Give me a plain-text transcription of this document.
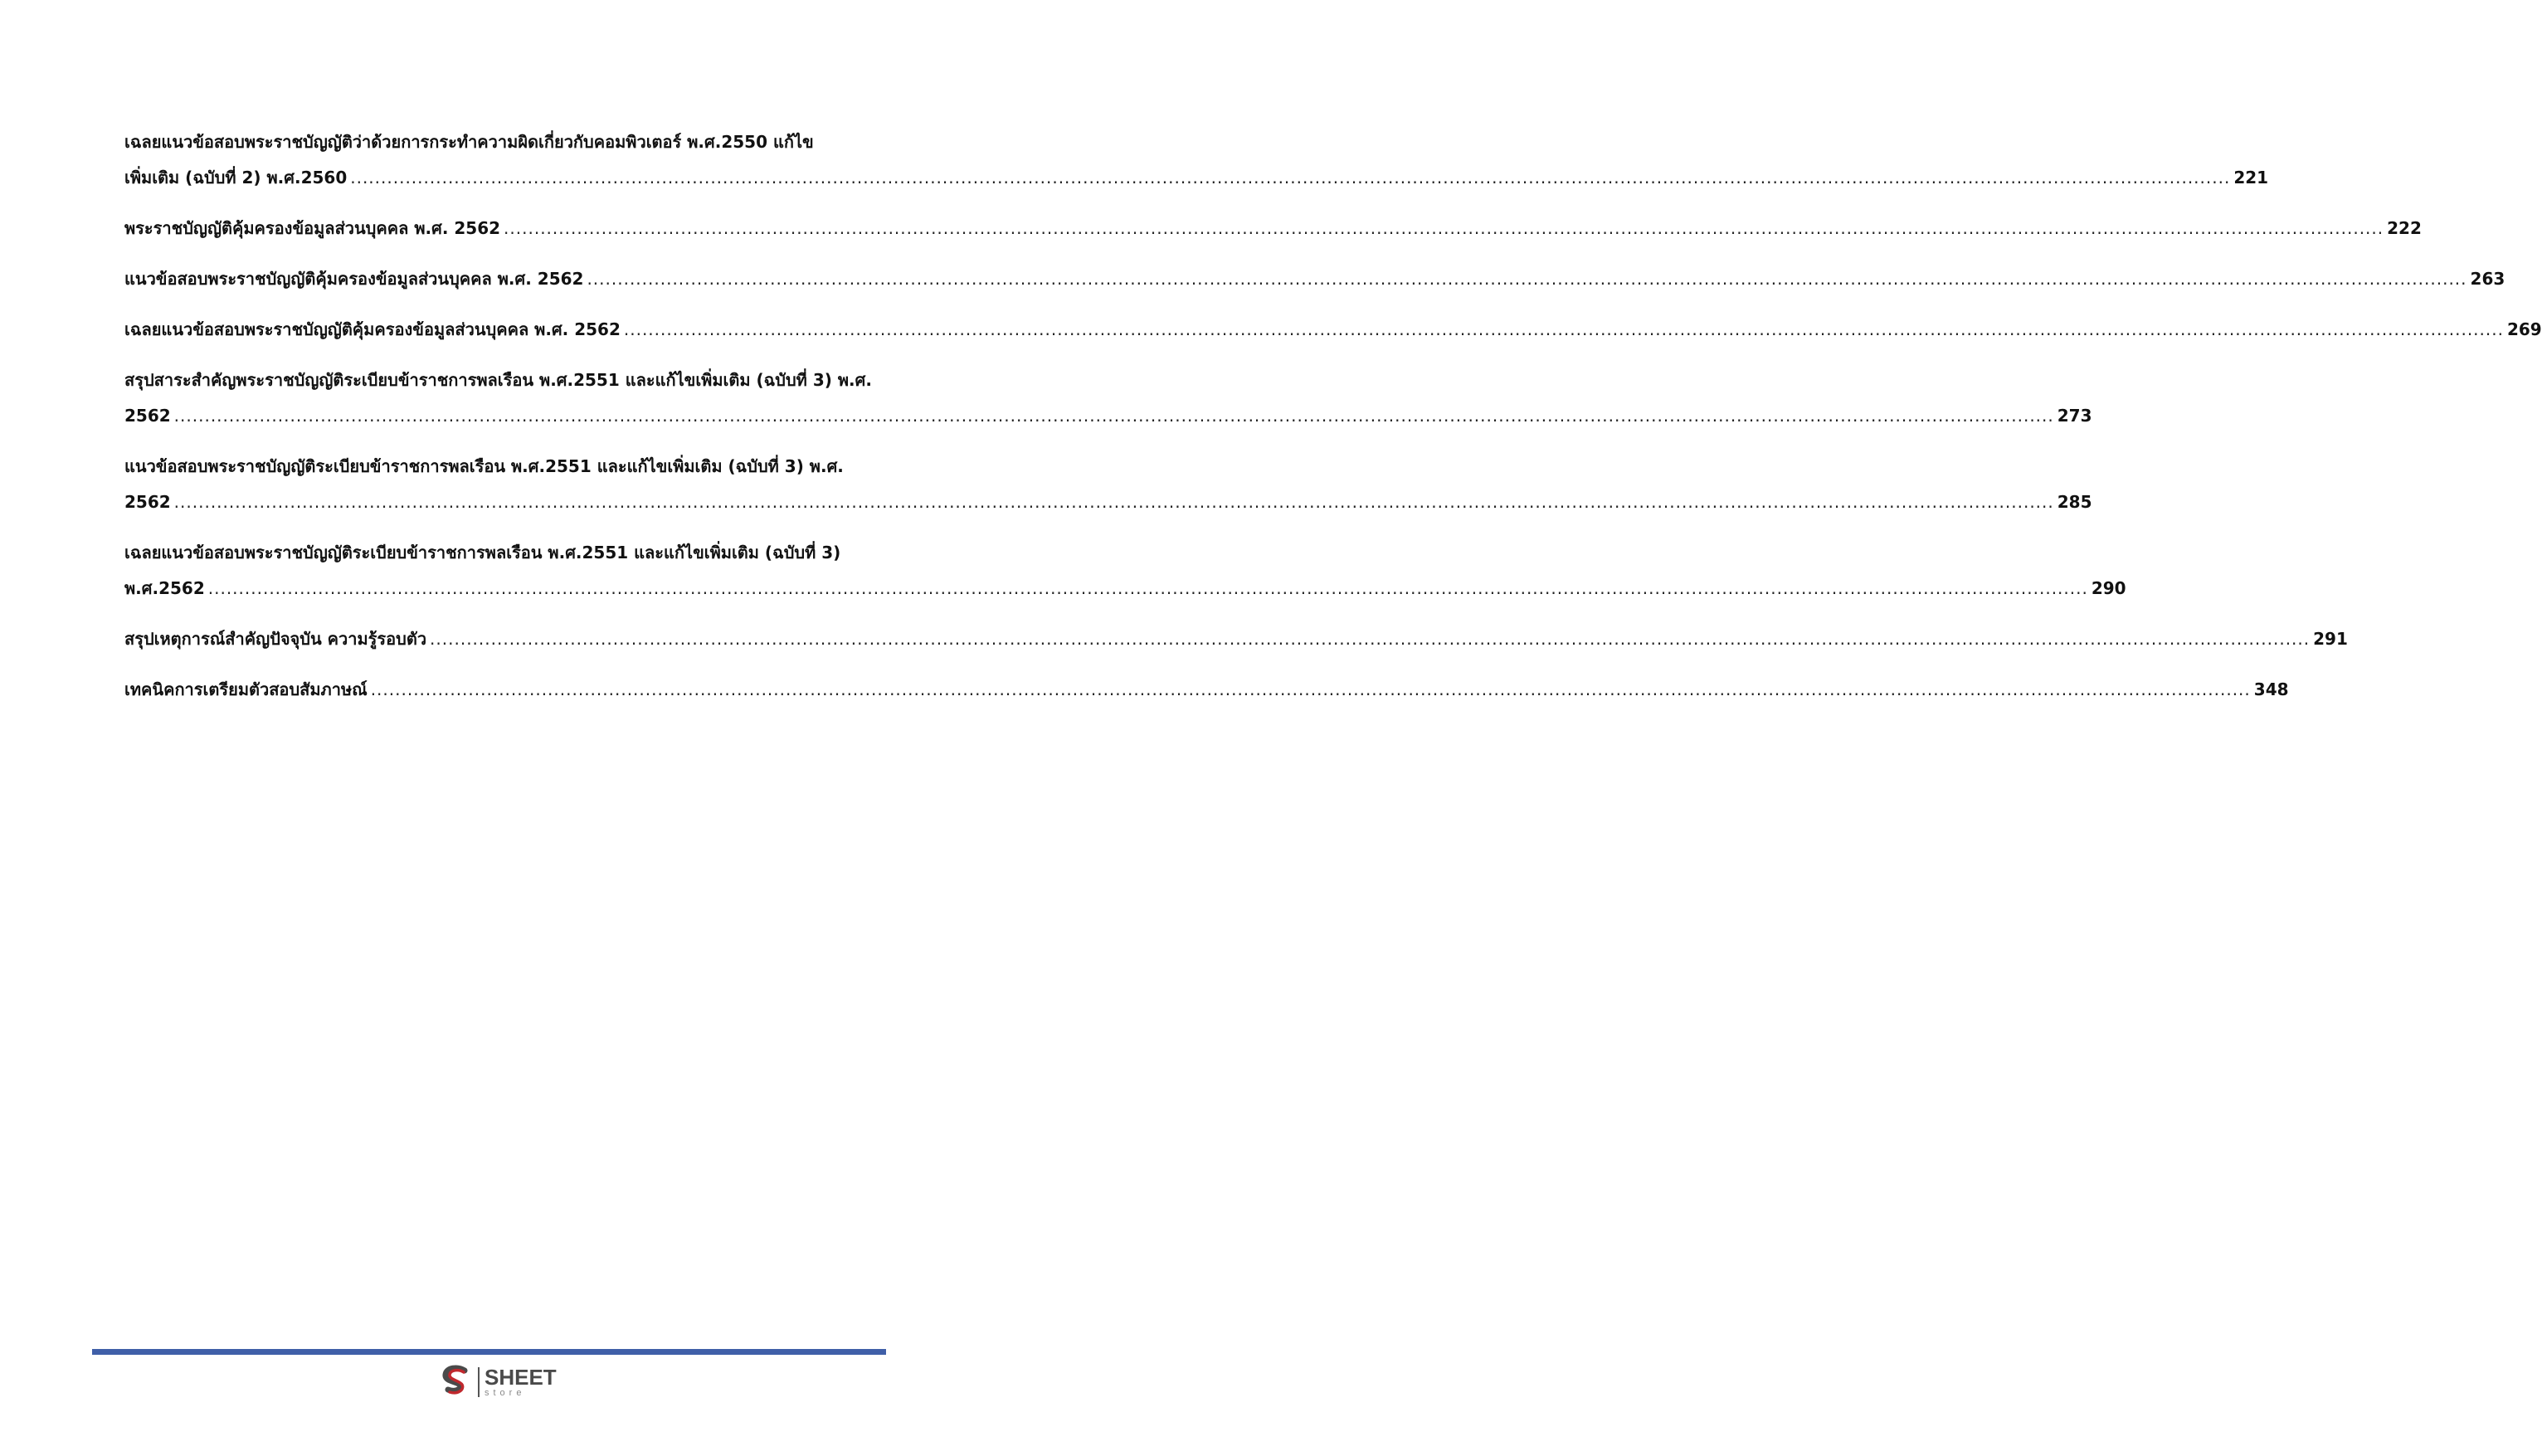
เฉลยแนวข้อสอบพระราชบัญญัติว่าด้วยการกระทำความผิดเกี่ยวกับคอมพิวเตอร์ พ.ศ.2550 แก้ไข
เพิ่มเติม (ฉบับที่ 2) พ.ศ.2560 .....	221
พระราชบัญญัติคุ้มครองข้อมูลส่วนบุคคล พ.ศ. 2562 .....	222
แนวข้อสอบพระราชบัญญัติคุ้มครองข้อมูลส่วนบุคคล พ.ศ. 2562 .....	263
เฉลยแนวข้อสอบพระราชบัญญัติคุ้มครองข้อมูลส่วนบุคคล พ.ศ. 2562 .....	269
สรุปสาระสำคัญพระราชบัญญัติระเบียบข้าราชการพลเรือน พ.ศ.2551 และแก้ไขเพิ่มเติม (ฉบับที่ 3) พ.ศ.
2562 .....	273
แนวข้อสอบพระราชบัญญัติระเบียบข้าราชการพลเรือน พ.ศ.2551 และแก้ไขเพิ่มเติม (ฉบับที่ 3) พ.ศ.
2562 .....	285
เฉลยแนวข้อสอบพระราชบัญญัติระเบียบข้าราชการพลเรือน พ.ศ.2551 และแก้ไขเพิ่มเติม (ฉบับที่ 3)
พ.ศ.2562 .....	290
สรุปเหตุการณ์สำคัญปัจจุบัน ความรู้รอบตัว .....	291
เทคนิคการเตรียมตัวสอบสัมภาษณ์ .....	348
SHEET
store
